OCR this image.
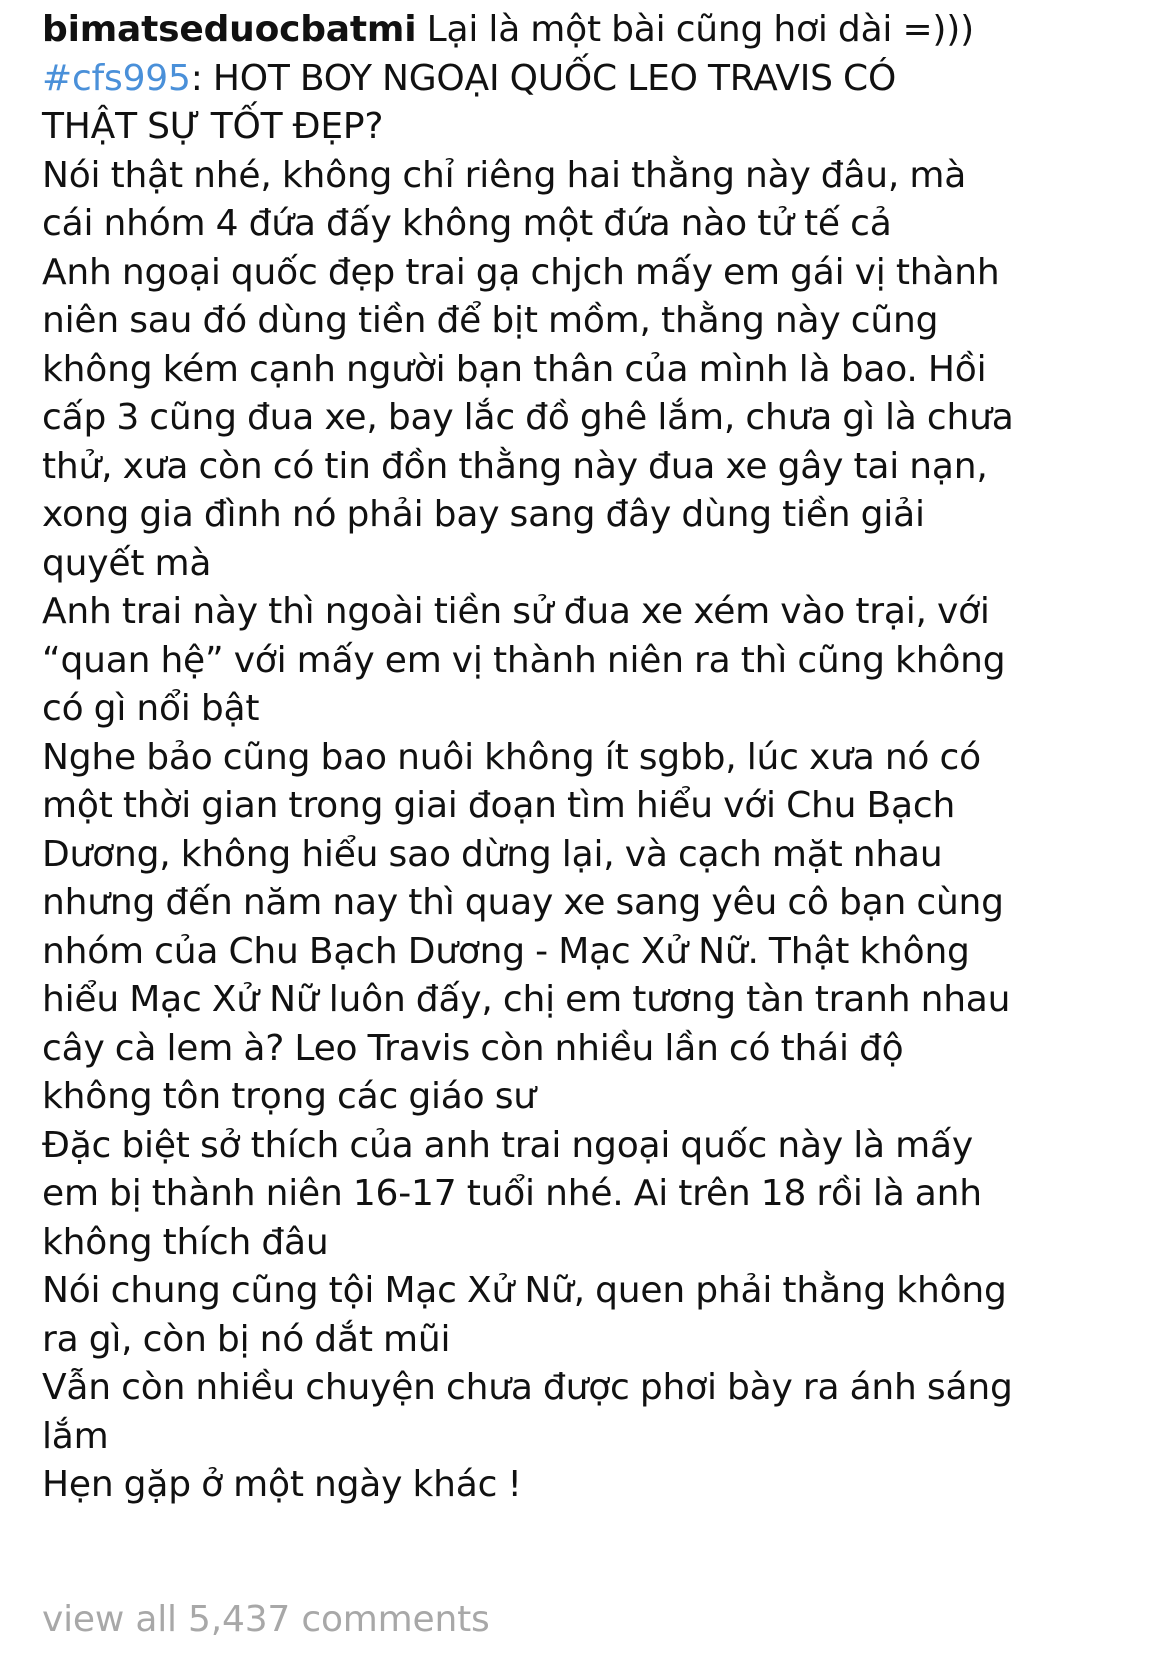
bimatseduocbatmi Lại là một bài cũng hơi dài =)))
#cfs995: HOT BOY NGOẠI QUỐC LEO TRAVIS CÓ
THẬT SỰ TỐT ĐẸP?
Nói thật nhé, không chỉ riêng hai thằng này đâu, mà
cái nhóm 4 đứa đấy không một đứa nào tử tế cả
Anh ngoại quốc đẹp trai gạ chjch mấy em gái vị thành
niên sau đó dùng tiền để bịt mồm, thằng này cũng
không kém cạnh người bạn thân của mình là bao. Hồi
cấp 3 cũng đua xe, bay lắc đồ ghê lắm, chưa gì là chưa
thử, xưa còn có tin đồn thằng này đua xe gây tai nạn,
xong gia đình nó phải bay sang đây dùng tiền giải
quyết mà
Anh trai này thì ngoài tiền sử đua xe xém vào trại, với
“quan hệ” với mấy em vị thành niên ra thì cũng không
có gì nổi bật
Nghe bảo cũng bao nuôi không ít sgbb, lúc xưa nó có
một thời gian trong giai đoạn tìm hiểu với Chu Bạch
Dương, không hiểu sao dừng lại, và cạch mặt nhau
nhưng đến năm nay thì quay xe sang yêu cô bạn cùng
nhóm của Chu Bạch Dương - Mạc Xử Nữ. Thật không
hiểu Mạc Xử Nữ luôn đấy, chị em tương tàn tranh nhau
cây cà lem à? Leo Travis còn nhiều lần có thái độ
không tôn trọng các giáo sư
Đặc biệt sở thích của anh trai ngoại quốc này là mấy
em bị thành niên 16-17 tuổi nhé. Ai trên 18 rồi là anh
không thích đâu
Nói chung cũng tội Mạc Xử Nữ, quen phải thằng không
ra gì, còn bị nó dắt mũi
Vẫn còn nhiều chuyện chưa được phơi bày ra ánh sáng
lắm
Hẹn gặp ở một ngày khác !
view all 5,437 comments
